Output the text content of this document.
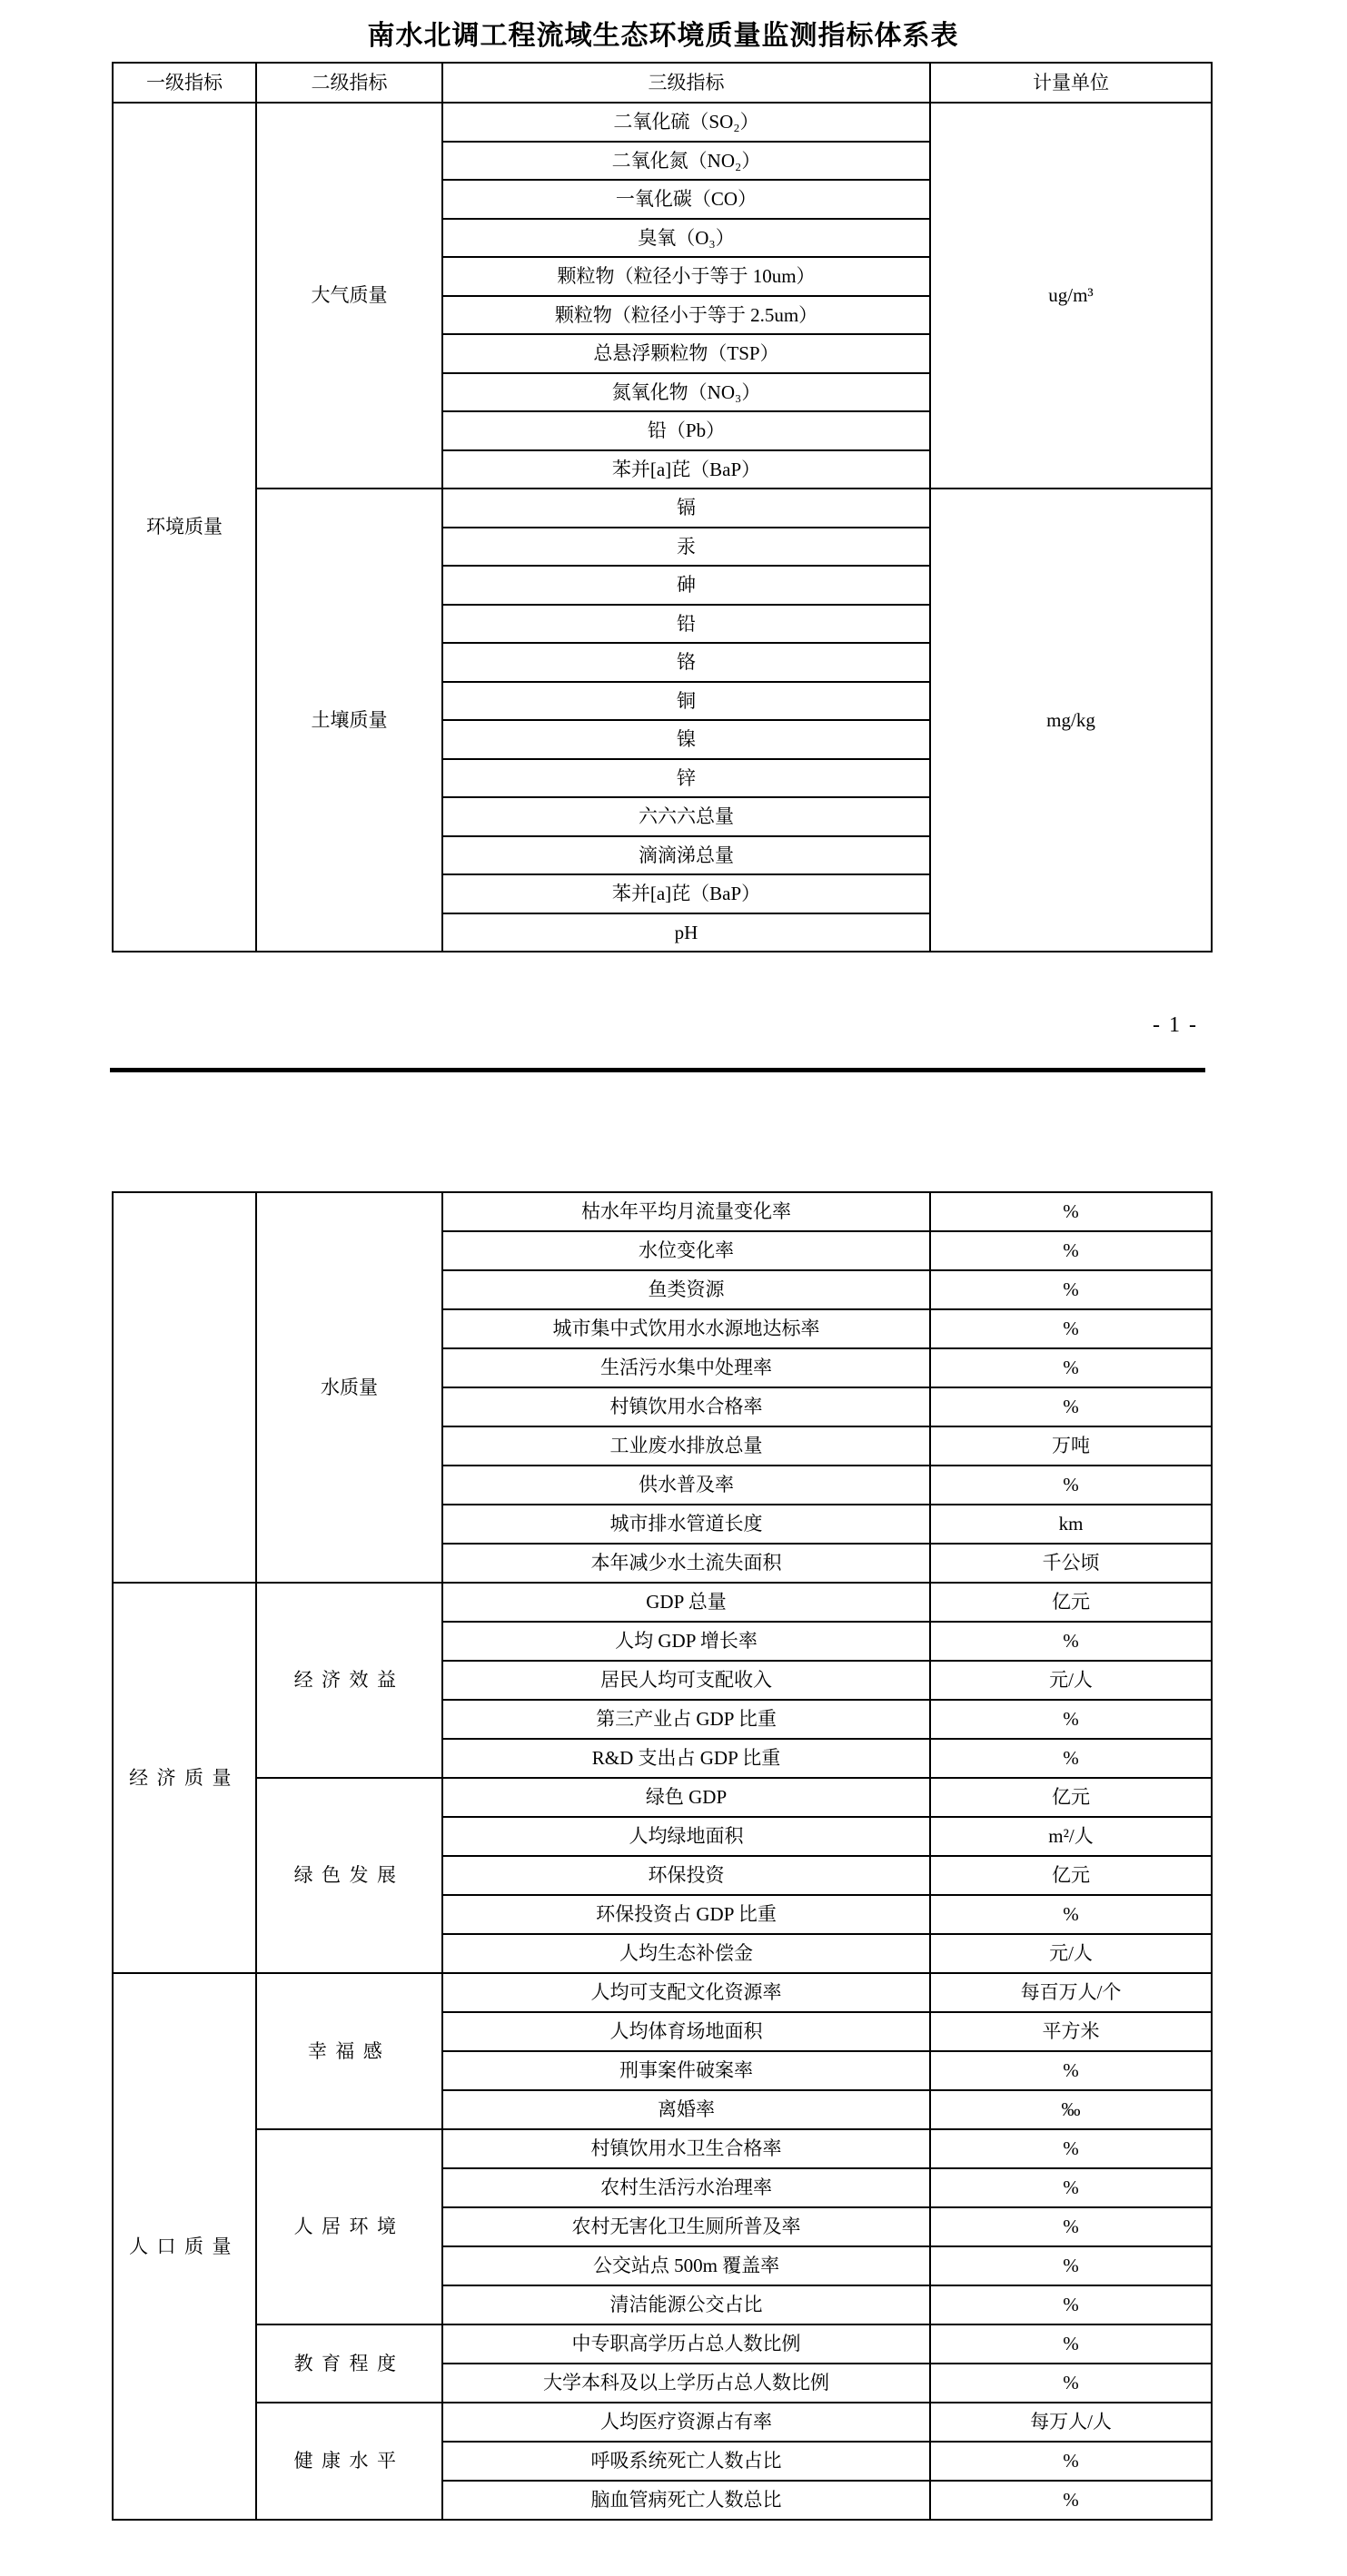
南水北调工程流域生态环境质量监测指标体系表
一级指标	二级指标	三级指标	计量单位
环境质量	大气质量	二氧化硫（SO₂）	ug/m³
		二氧化氮（NO₂）	
		一氧化碳（CO）	
		臭氧（O₃）	
		颗粒物（粒径小于等于 10um）	
		颗粒物（粒径小于等于 2.5um）	
		总悬浮颗粒物（TSP）	
		氮氧化物（NO₃）	
		铅（Pb）	
		苯并[a]芘（BaP）	
	土壤质量	镉	mg/kg
		汞	
		砷	
		铅	
		铬	
		铜	
		镍	
		锌	
		六六六总量	
		滴滴涕总量	
		苯并[a]芘（BaP）	
		pH	
- 1 -
	水质量	枯水年平均月流量变化率	%
		水位变化率	%
		鱼类资源	%
		城市集中式饮用水水源地达标率	%
		生活污水集中处理率	%
		村镇饮用水合格率	%
		工业废水排放总量	万吨
		供水普及率	%
		城市排水管道长度	km
		本年减少水土流失面积	千公顷
经济质量	经济效益	GDP 总量	亿元
		人均 GDP 增长率	%
		居民人均可支配收入	元/人
		第三产业占 GDP 比重	%
		R&D 支出占 GDP 比重	%
	绿色发展	绿色 GDP	亿元
		人均绿地面积	m²/人
		环保投资	亿元
		环保投资占 GDP 比重	%
		人均生态补偿金	元/人
人口质量	幸福感	人均可支配文化资源率	每百万人/个
		人均体育场地面积	平方米
		刑事案件破案率	%
		离婚率	‰
	人居环境	村镇饮用水卫生合格率	%
		农村生活污水治理率	%
		农村无害化卫生厕所普及率	%
		公交站点 500m 覆盖率	%
		清洁能源公交占比	%
	教育程度	中专职高学历占总人数比例	%
		大学本科及以上学历占总人数比例	%
	健康水平	人均医疗资源占有率	每万人/人
		呼吸系统死亡人数占比	%
		脑血管病死亡人数总比	%
